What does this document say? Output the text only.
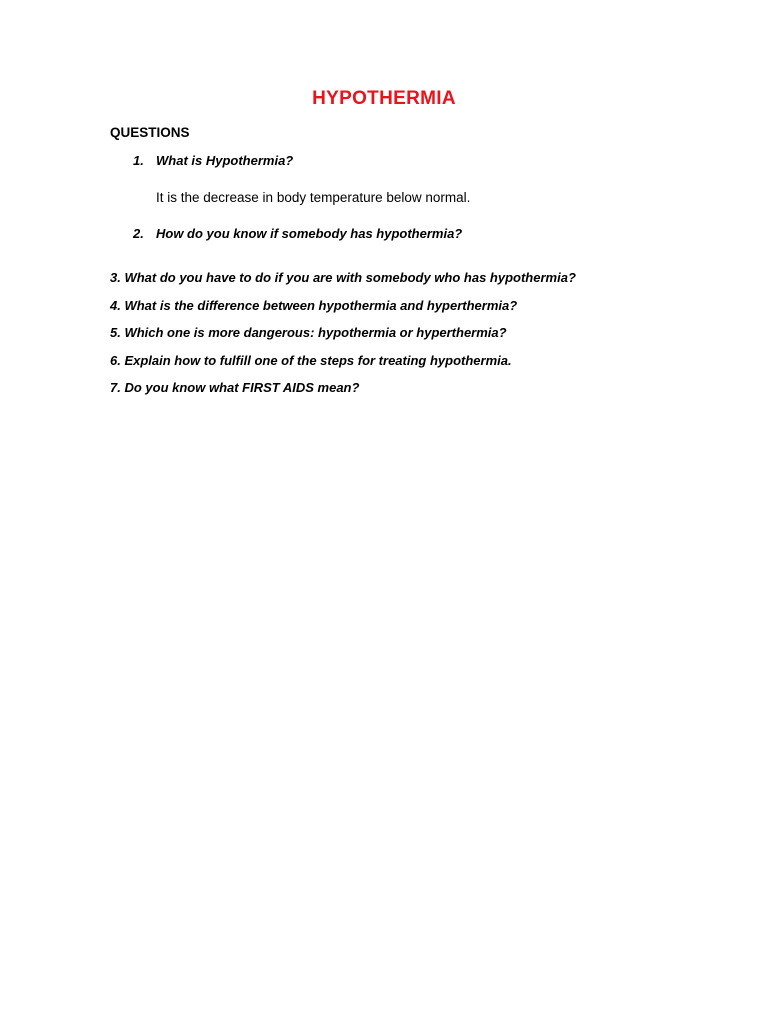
HYPOTHERMIA
QUESTIONS
1. What is Hypothermia?
It is the decrease in body temperature below normal.
2. How do you know if somebody has hypothermia?
3. What do you have to do if you are with somebody who has hypothermia?
4. What is the difference between hypothermia and hyperthermia?
5. Which one is more dangerous: hypothermia or hyperthermia?
6. Explain how to fulfill one of the steps for treating hypothermia.
7. Do you know what FIRST AIDS mean?
